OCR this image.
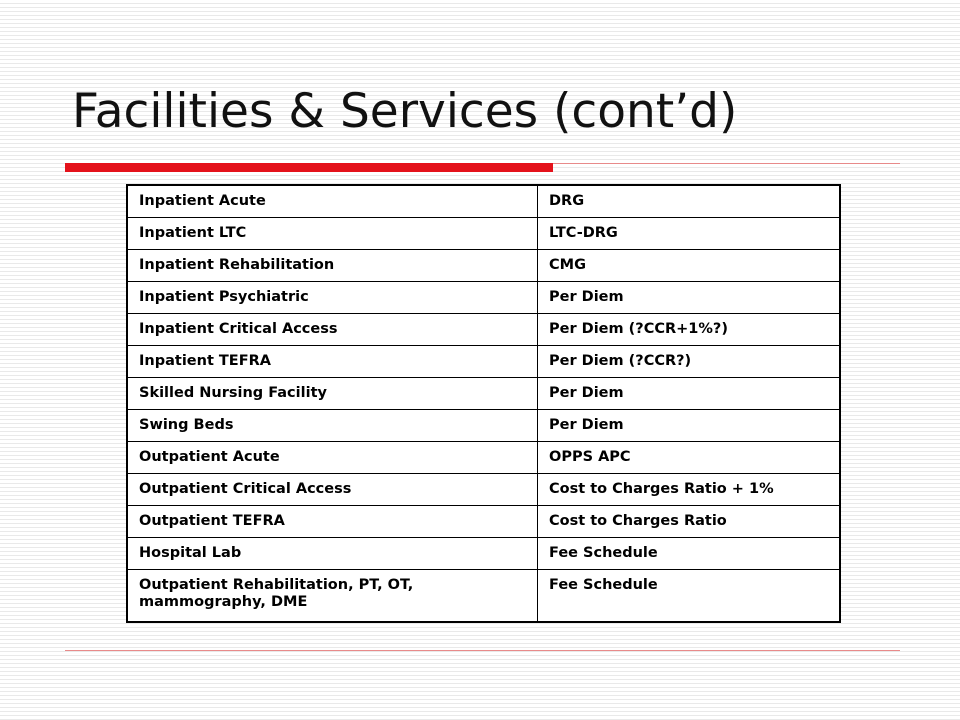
Facilities & Services (cont’d)
Inpatient Acute	DRG
Inpatient LTC	LTC-DRG
Inpatient Rehabilitation	CMG
Inpatient Psychiatric	Per Diem
Inpatient Critical Access	Per Diem (?CCR+1%?)
Inpatient TEFRA	Per Diem (?CCR?)
Skilled Nursing Facility	Per Diem
Swing Beds	Per Diem
Outpatient Acute	OPPS APC
Outpatient Critical Access	Cost to Charges Ratio + 1%
Outpatient TEFRA	Cost to Charges Ratio
Hospital Lab	Fee Schedule
Outpatient Rehabilitation, PT, OT, mammography, DME	Fee Schedule
